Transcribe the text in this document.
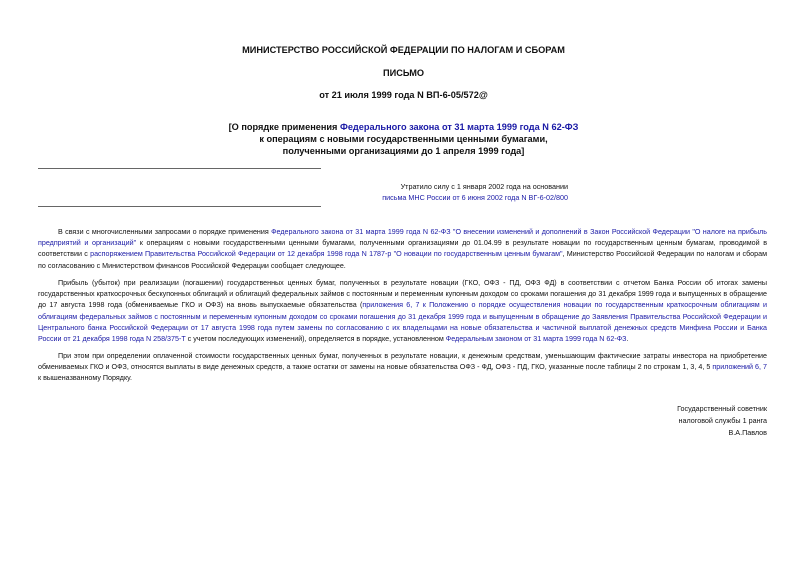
МИНИСТЕРСТВО РОССИЙСКОЙ ФЕДЕРАЦИИ ПО НАЛОГАМ И СБОРАМ
ПИСЬМО
от 21 июля 1999 года N ВП-6-05/572@
[О порядке применения Федерального закона от 31 марта 1999 года N 62-ФЗ
к операциям с новыми государственными ценными бумагами,
полученными организациями до 1 апреля 1999 года]
Утратило силу с 1 января 2002 года на основании
письма МНС России от 6 июня 2002 года N ВГ-6-02/800

В связи с многочисленными запросами о порядке применения Федерального закона от 31 марта 1999 года N 62-ФЗ "О внесении изменений и дополнений в Закон Российской Федерации "О налоге на прибыль предприятий и организаций" к операциям с новыми государственными ценными бумагами, полученными организациями до 01.04.99 в результате новации по государственным ценным бумагам, проводимой в соответствии с распоряжением Правительства Российской Федерации от 12 декабря 1998 года N 1787-р "О новации по государственным ценным бумагам", Министерство Российской Федерации по налогам и сборам по согласованию с Министерством финансов Российской Федерации сообщает следующее.

Прибыль (убыток) при реализации (погашении) государственных ценных бумаг, полученных в результате новации (ГКО, ОФЗ - ПД, ОФЗ ФД) в соответствии с отчетом Банка России об итогах замены государственных краткосрочных бескупонных облигаций и облигаций федеральных займов с постоянным и переменным купонным доходом со сроками погашения до 31 декабря 1999 года и выпущенных в обращение до 17 августа 1998 года (обмениваемые ГКО и ОФЗ) на вновь выпускаемые обязательства (приложения 6, 7 к Положению о порядке осуществления новации по государственным краткосрочным облигациям и облигациям федеральных займов с постоянным и переменным купонным доходом со сроками погашения до 31 декабря 1999 года и выпущенным в обращение до Заявления Правительства Российской Федерации и Центрального банка Российской Федерации от 17 августа 1998 года путем замены по согласованию с их владельцами на новые обязательства и частичной выплатой денежных средств Минфина России и Банка России от 21 декабря 1998 года N 258/375-Т с учетом последующих изменений), определяется в порядке, установленном Федеральным законом от 31 марта 1999 года N 62-ФЗ.

При этом при определении оплаченной стоимости государственных ценных бумаг, полученных в результате новации, к денежным средствам, уменьшающим фактические затраты инвестора на приобретение обмениваемых ГКО и ОФЗ, относятся выплаты в виде денежных средств, а также остатки от замены на новые обязательства ОФЗ - ФД, ОФЗ - ПД, ГКО, указанные после таблицы 2 по строкам 1, 3, 4, 5 приложений 6, 7 к вышеназванному Порядку.

Государственный советник
налоговой службы 1 ранга
В.А.Павлов
